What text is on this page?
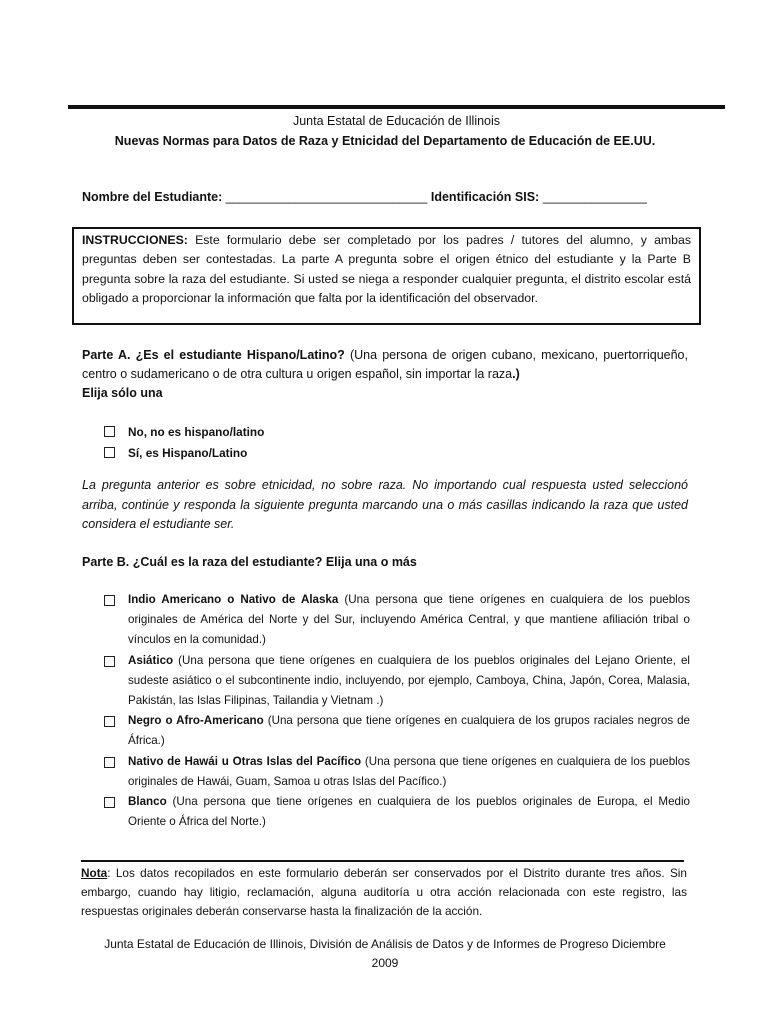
Junta Estatal de Educación de Illinois
Nuevas Normas para Datos de Raza y Etnicidad del Departamento de Educación de EE.UU.
Nombre del Estudiante: _____________________________ Identificación SIS: _______________
INSTRUCCIONES: Este formulario debe ser completado por los padres / tutores del alumno, y ambas preguntas deben ser contestadas. La parte A pregunta sobre el origen étnico del estudiante y la Parte B pregunta sobre la raza del estudiante. Si usted se niega a responder cualquier pregunta, el distrito escolar está obligado a proporcionar la información que falta por la identificación del observador.
Parte A. ¿Es el estudiante Hispano/Latino? (Una persona de origen cubano, mexicano, puertorriqueño, centro o sudamericano o de otra cultura u origen español, sin importar la raza.)
Elija sólo una
No, no es hispano/latino
Sí, es Hispano/Latino
La pregunta anterior es sobre etnicidad, no sobre raza. No importando cual respuesta usted seleccionó arriba, continúe y responda la siguiente pregunta marcando una o más casillas indicando la raza que usted considera el estudiante ser.
Parte B. ¿Cuál es la raza del estudiante? Elija una o más
Indio Americano o Nativo de Alaska (Una persona que tiene orígenes en cualquiera de los pueblos originales de América del Norte y del Sur, incluyendo América Central, y que mantiene afiliación tribal o vínculos en la comunidad.)
Asiático (Una persona que tiene orígenes en cualquiera de los pueblos originales del Lejano Oriente, el sudeste asiático o el subcontinente indio, incluyendo, por ejemplo, Camboya, China, Japón, Corea, Malasia, Pakistán, las Islas Filipinas, Tailandia y Vietnam .)
Negro o Afro-Americano (Una persona que tiene orígenes en cualquiera de los grupos raciales negros de África.)
Nativo de Hawái u Otras Islas del Pacífico (Una persona que tiene orígenes en cualquiera de los pueblos originales de Hawái, Guam, Samoa u otras Islas del Pacífico.)
Blanco (Una persona que tiene orígenes en cualquiera de los pueblos originales de Europa, el Medio Oriente o África del Norte.)
Nota: Los datos recopilados en este formulario deberán ser conservados por el Distrito durante tres años. Sin embargo, cuando hay litigio, reclamación, alguna auditoría u otra acción relacionada con este registro, las respuestas originales deberán conservarse hasta la finalización de la acción.
Junta Estatal de Educación de Illinois, División de Análisis de Datos y de Informes de Progreso Diciembre
2009
